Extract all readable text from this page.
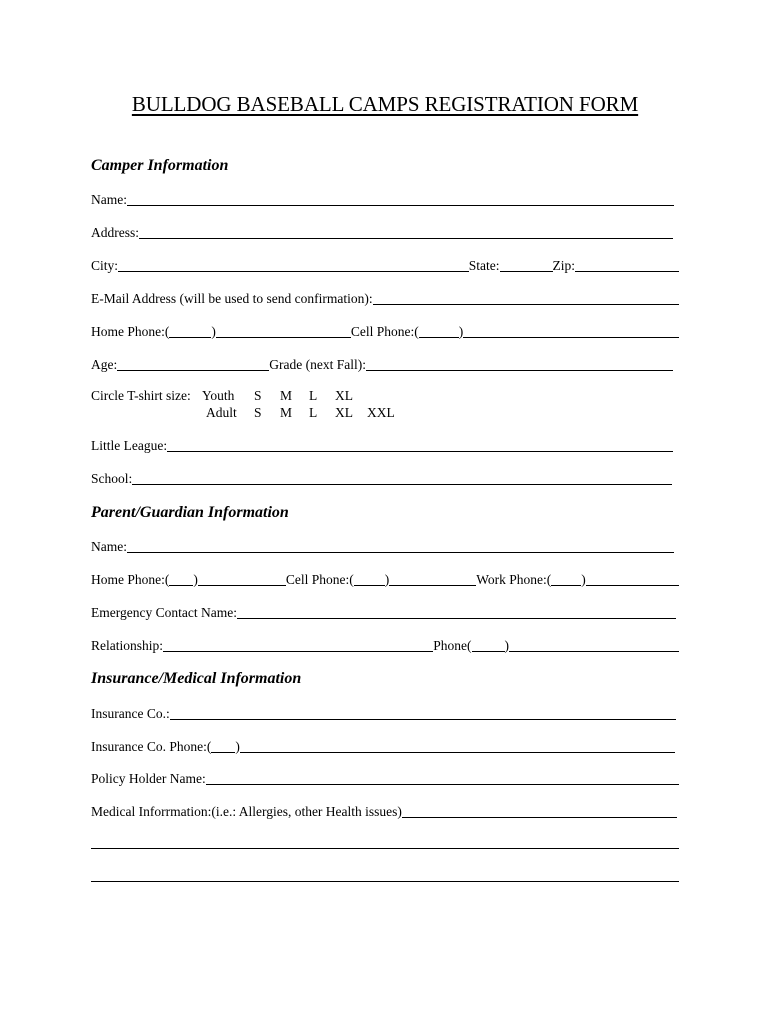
BULLDOG BASEBALL CAMPS REGISTRATION FORM
Camper Information
Name:
Address:
City:	State:	Zip:
E-Mail Address (will be used to send confirmation):
Home Phone:(	)	Cell Phone:(	)
Age:	Grade (next Fall):
Circle T-shirt size: Youth	S	M	L	XL
Adult	S	M	L	XL	XXL
Little League:
School:
Parent/Guardian Information
Name:
Home Phone:( )	Cell Phone:( )	Work Phone:( )
Emergency Contact Name:
Relationship:	Phone( )
Insurance/Medical Information
Insurance Co.:
Insurance Co. Phone:( )
Policy Holder Name:
Medical Inforrmation:(i.e.: Allergies, other Health issues)
